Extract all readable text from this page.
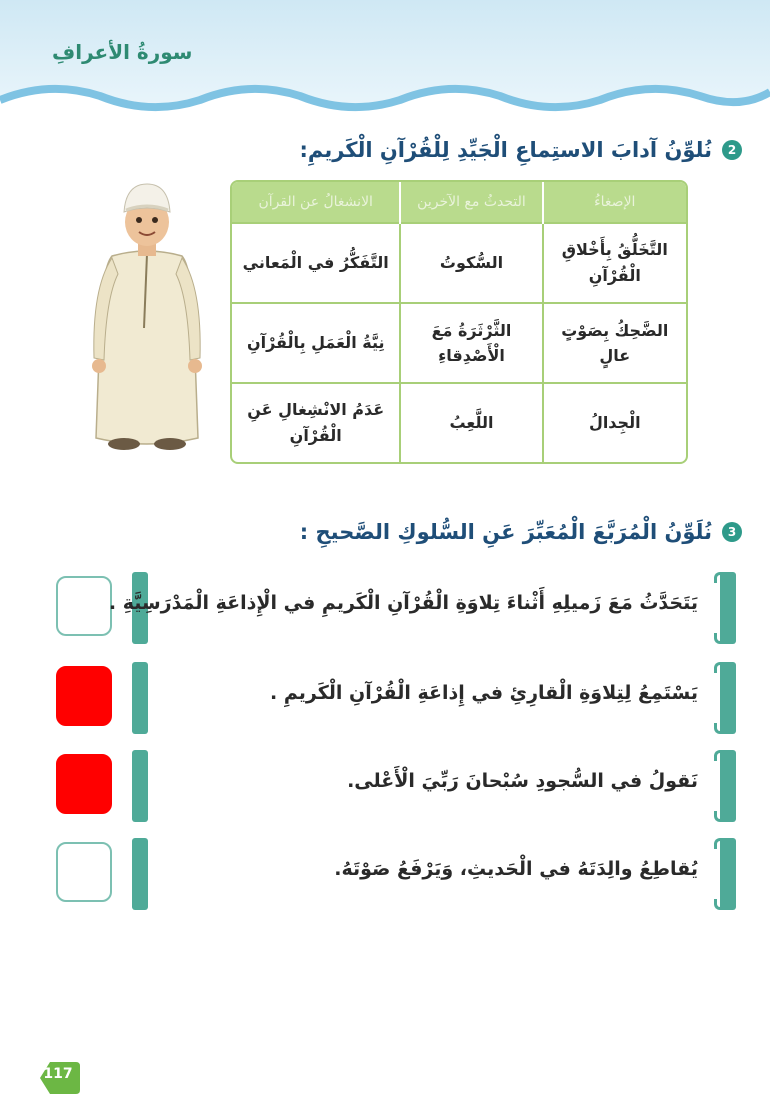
سورةُ الأعرافِ
2
نُلوِّنُ آدابَ الاستِماعِ الْجَيِّدِ لِلْقُرْآنِ الْكَريمِ:
الإصغاءُ	التحدثُ مع الآخرين	الانشغالُ عن القرآن
التَّخَلُّقُ بِأَخْلاقِ الْقُرْآنِ	السُّكوتُ	التَّفَكُّرُ في الْمَعاني
الضَّحِكُ بِصَوْتٍ عالٍ	الثَّرْثَرَةُ مَعَ الْأَصْدِقاءِ	نِيَّةُ الْعَمَلِ بِالْقُرْآنِ
الْجِدالُ	اللَّعِبُ	عَدَمُ الانْشِغالِ عَنِ الْقُرْآنِ
3
نُلَوِّنُ الْمُرَبَّعَ الْمُعَبِّرَ عَنِ السُّلوكِ الصَّحيحِ :
يَتَحَدَّثُ مَعَ زَميلِهِ أَثْناءَ تِلاوَةِ الْقُرْآنِ الْكَريمِ في الْإِذاعَةِ الْمَدْرَسِيَّةِ .
يَسْتَمِعُ لِتِلاوَةِ الْقارِئِ في إِذاعَةِ الْقُرْآنِ الْكَريمِ .
نَقولُ في السُّجودِ سُبْحانَ رَبِّيَ الْأَعْلى.
يُقاطِعُ والِدَتَهُ في الْحَديثِ، وَيَرْفَعُ صَوْتَهُ.
117
